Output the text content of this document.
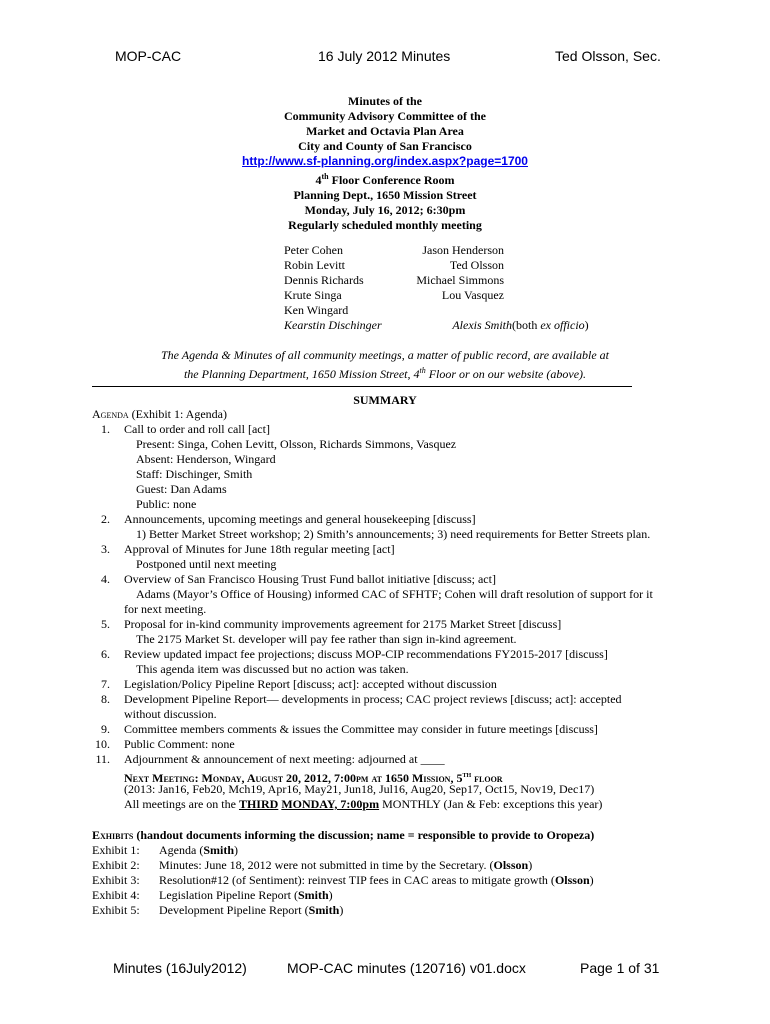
MOP-CAC	16 July 2012 Minutes	Ted Olsson, Sec.
Minutes of the
Community Advisory Committee of the
Market and Octavia Plan Area
City and County of San Francisco
http://www.sf-planning.org/index.aspx?page=1700
4th Floor Conference Room
Planning Dept., 1650 Mission Street
Monday, July 16, 2012; 6:30pm
Regularly scheduled monthly meeting
Peter Cohen	Jason Henderson
Robin Levitt	Ted Olsson
Dennis Richards	Michael Simmons
Krute Singa	Lou Vasquez
Ken Wingard
Kearstin Dischinger	Alexis Smith (both ex officio)
The Agenda & Minutes of all community meetings, a matter of public record, are available at
the Planning Department, 1650 Mission Street, 4th Floor or on our website (above).
SUMMARY
Agenda (Exhibit 1: Agenda)
1. Call to order and roll call [act]
Present: Singa, Cohen Levitt, Olsson, Richards Simmons, Vasquez
Absent: Henderson, Wingard
Staff: Dischinger, Smith
Guest: Dan Adams
Public: none
2. Announcements, upcoming meetings and general housekeeping [discuss]
1) Better Market Street workshop; 2) Smith’s announcements; 3) need requirements for Better Streets plan.
3. Approval of Minutes for June 18th regular meeting [act]
Postponed until next meeting
4. Overview of San Francisco Housing Trust Fund ballot initiative [discuss; act]
Adams (Mayor’s Office of Housing) informed CAC of SFHTF; Cohen will draft resolution of support for it
for next meeting.
5. Proposal for in-kind community improvements agreement for 2175 Market Street [discuss]
The 2175 Market St. developer will pay fee rather than sign in-kind agreement.
6. Review updated impact fee projections; discuss MOP-CIP recommendations FY2015-2017 [discuss]
This agenda item was discussed but no action was taken.
7. Legislation/Policy Pipeline Report [discuss; act]: accepted without discussion
8. Development Pipeline Report— developments in process; CAC project reviews [discuss; act]: accepted
without discussion.
9. Committee members comments & issues the Committee may consider in future meetings [discuss]
10. Public Comment: none
11. Adjournment & announcement of next meeting: adjourned at ____
Next Meeting: Monday, August 20, 2012, 7:00pm at 1650 Mission, 5th floor
(2013: Jan16, Feb20, Mch19, Apr16, May21, Jun18, Jul16, Aug20, Sep17, Oct15, Nov19, Dec17)
All meetings are on the THIRD MONDAY, 7:00pm MONTHLY (Jan & Feb: exceptions this year)
Exhibits (handout documents informing the discussion; name = responsible to provide to Oropeza)
Exhibit 1: Agenda (Smith)
Exhibit 2: Minutes: June 18, 2012 were not submitted in time by the Secretary. (Olsson)
Exhibit 3: Resolution#12 (of Sentiment): reinvest TIP fees in CAC areas to mitigate growth (Olsson)
Exhibit 4: Legislation Pipeline Report (Smith)
Exhibit 5: Development Pipeline Report (Smith)
Minutes (16July2012)	MOP-CAC minutes (120716) v01.docx	Page 1 of 31
